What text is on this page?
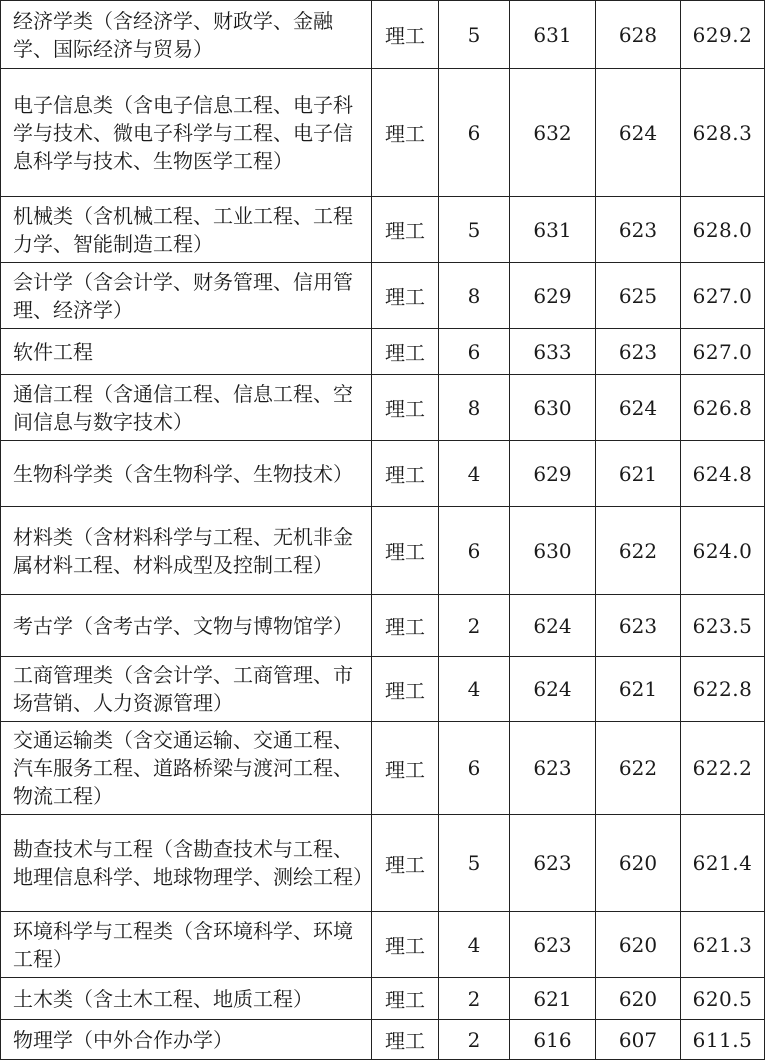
经济学类（含经济学、财政学、金融学、国际经济与贸易）	理工	5	631	628	629.2
电子信息类（含电子信息工程、电子科学与技术、微电子科学与工程、电子信息科学与技术、生物医学工程）	理工	6	632	624	628.3
机械类（含机械工程、工业工程、工程力学、智能制造工程）	理工	5	631	623	628.0
会计学（含会计学、财务管理、信用管理、经济学）	理工	8	629	625	627.0
软件工程	理工	6	633	623	627.0
通信工程（含通信工程、信息工程、空间信息与数字技术）	理工	8	630	624	626.8
生物科学类（含生物科学、生物技术）	理工	4	629	621	624.8
材料类（含材料科学与工程、无机非金属材料工程、材料成型及控制工程）	理工	6	630	622	624.0
考古学（含考古学、文物与博物馆学）	理工	2	624	623	623.5
工商管理类（含会计学、工商管理、市场营销、人力资源管理）	理工	4	624	621	622.8
交通运输类（含交通运输、交通工程、汽车服务工程、道路桥梁与渡河工程、物流工程）	理工	6	623	622	622.2
勘查技术与工程（含勘查技术与工程、地理信息科学、地球物理学、测绘工程）	理工	5	623	620	621.4
环境科学与工程类（含环境科学、环境工程）	理工	4	623	620	621.3
土木类（含土木工程、地质工程）	理工	2	621	620	620.5
物理学（中外合作办学）	理工	2	616	607	611.5
